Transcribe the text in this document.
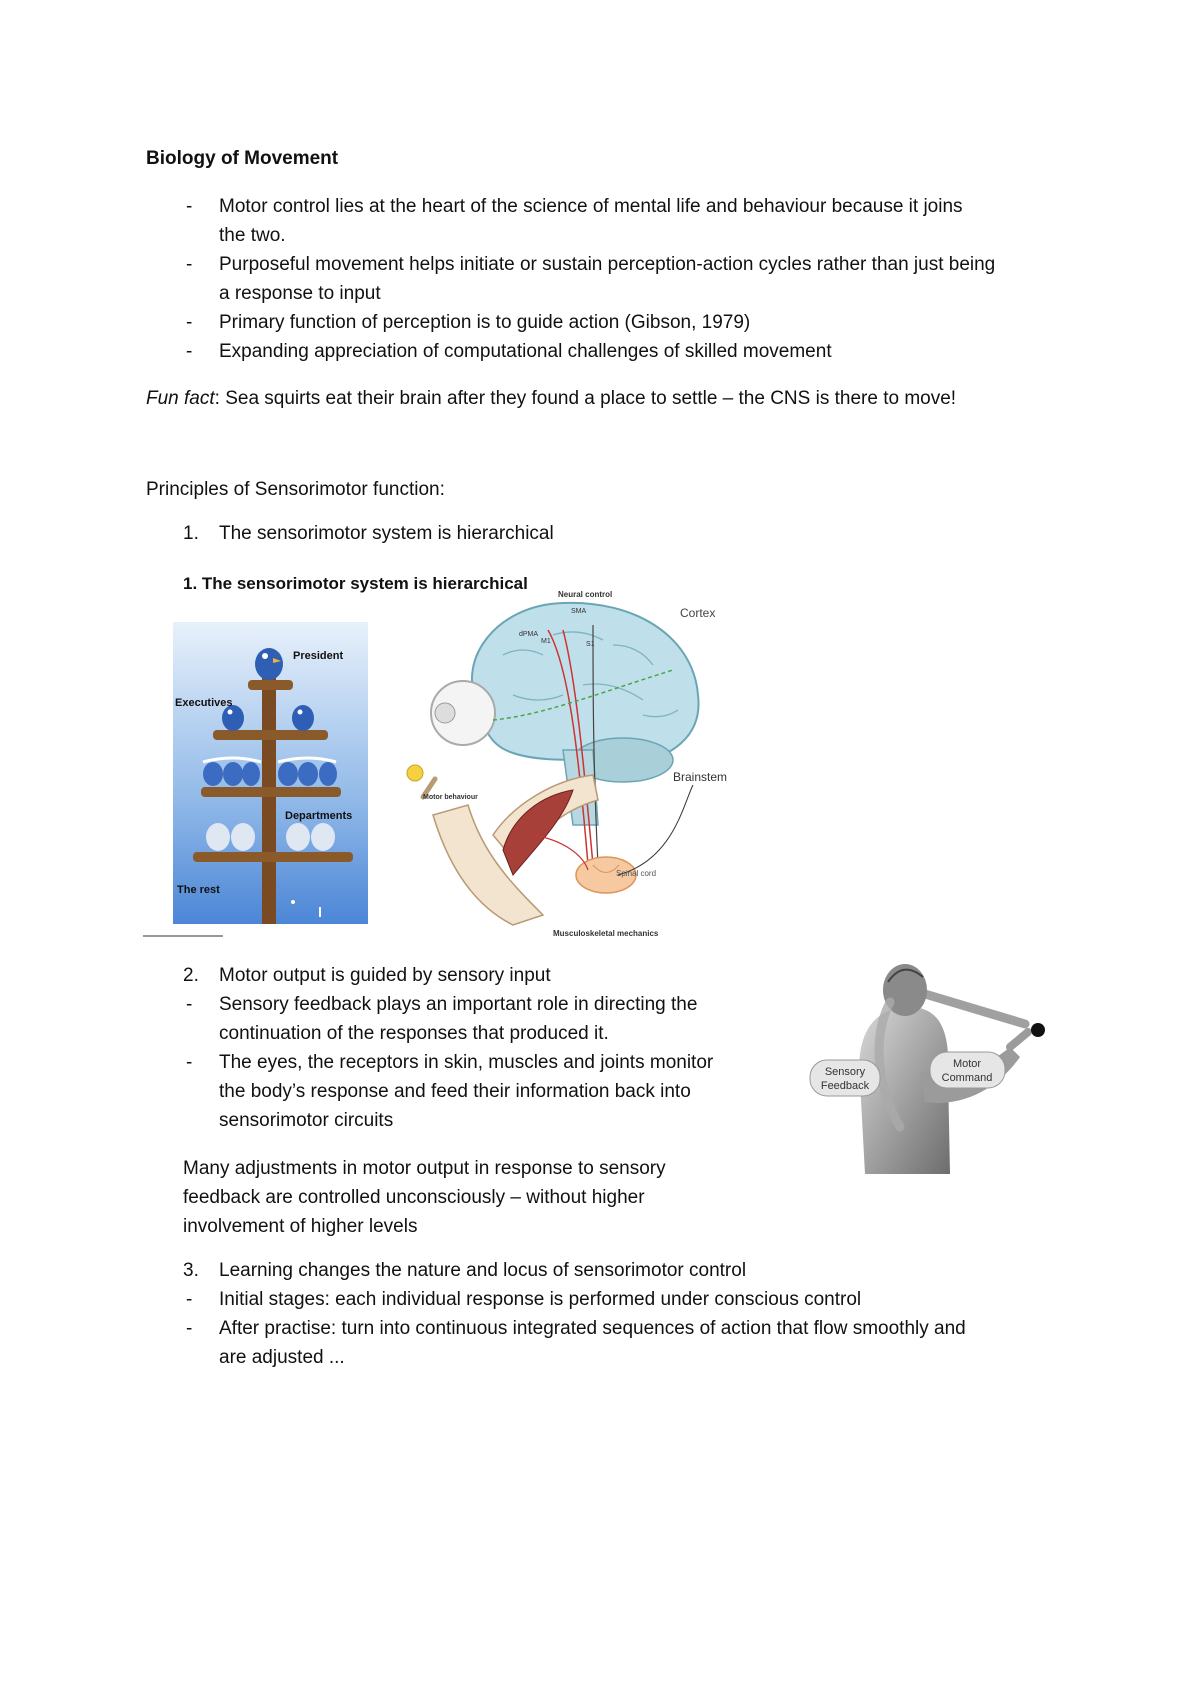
Biology of Movement
-	Motor control lies at the heart of the science of mental life and behaviour because it joins
the two.
-	Purposeful movement helps initiate or sustain perception-action cycles rather than just being
a response to input
-	Primary function of perception is to guide action (Gibson, 1979)
-	Expanding appreciation of computational challenges of skilled movement
Fun fact: Sea squirts eat their brain after they found a place to settle – the CNS is there to move!
Principles of Sensorimotor function:
1. The sensorimotor system is hierarchical
1. The sensorimotor system is hierarchical
President
Executives
Departments
The rest
Neural control
Cortex
Brainstem
Motor behaviour
Spinal cord
Musculoskeletal mechanics
SMA
dPMA
M1	S1
2. Motor output is guided by sensory input
-	Sensory feedback plays an important role in directing the
continuation of the responses that produced it.
-	The eyes, the receptors in skin, muscles and joints monitor
the body’s response and feed their information back into
sensorimotor circuits
Many adjustments in motor output in response to sensory
feedback are controlled unconsciously – without higher
involvement of higher levels
Sensory
Feedback
Motor
Command
3. Learning changes the nature and locus of sensorimotor control
-	Initial stages: each individual response is performed under conscious control
-	After practise: turn into continuous integrated sequences of action that flow smoothly and
are adjusted ...
